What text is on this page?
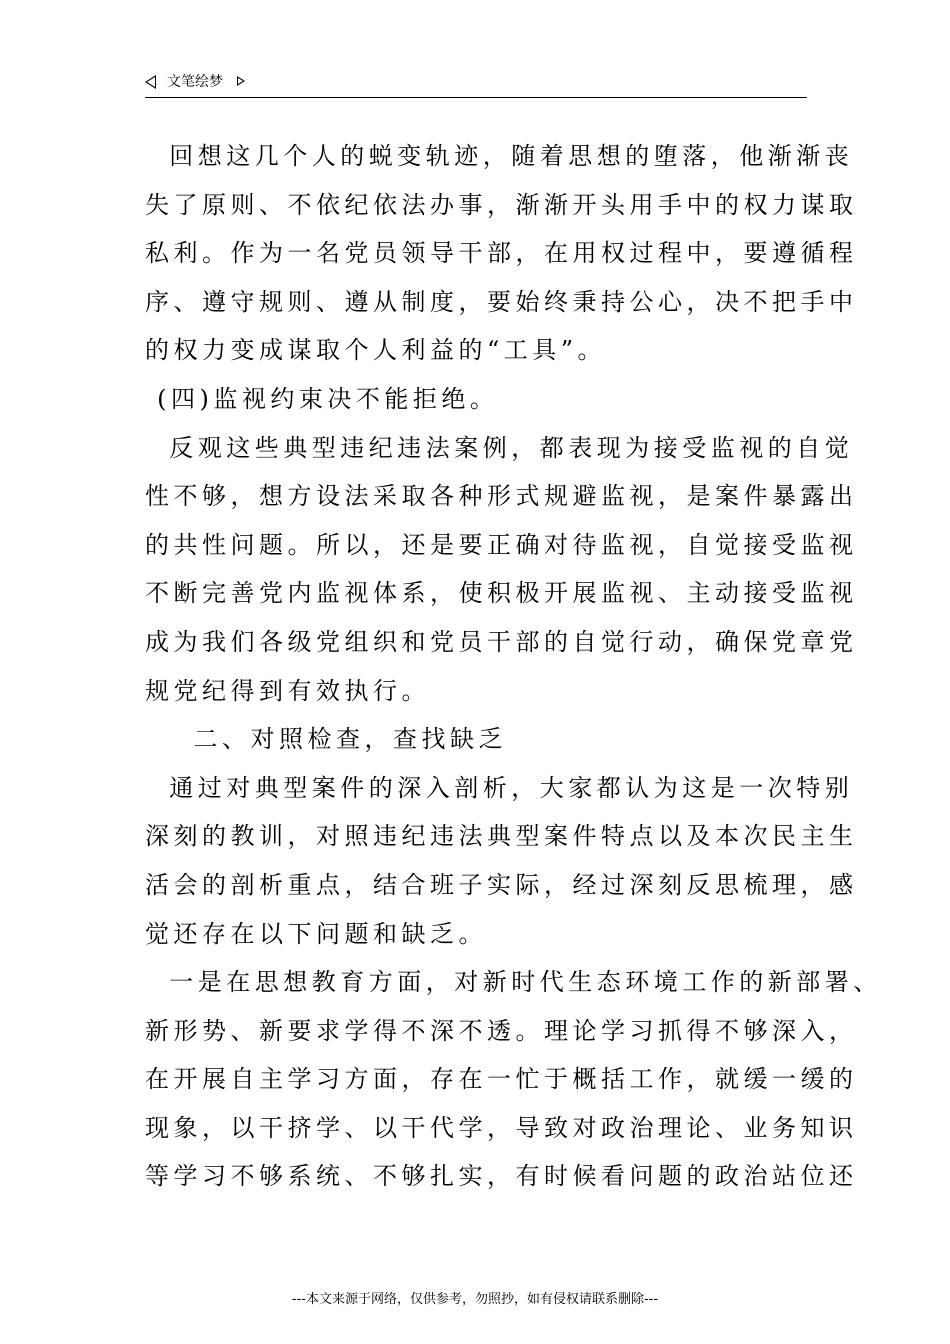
文笔绘梦
回想这几个人的蜕变轨迹，随着思想的堕落，他渐渐丧
失了原则、不依纪依法办事，渐渐开头用手中的权力谋取
私利。作为一名党员领导干部，在用权过程中，要遵循程
序、遵守规则、遵从制度，要始终秉持公心，决不把手中
的权力变成谋取个人利益的“工具”。
(四)监视约束决不能拒绝。
反观这些典型违纪违法案例，都表现为接受监视的自觉
性不够，想方设法采取各种形式规避监视，是案件暴露出
的共性问题。所以，还是要正确对待监视，自觉接受监视
不断完善党内监视体系，使积极开展监视、主动接受监视
成为我们各级党组织和党员干部的自觉行动，确保党章党
规党纪得到有效执行。
二、对照检查，查找缺乏
通过对典型案件的深入剖析，大家都认为这是一次特别
深刻的教训，对照违纪违法典型案件特点以及本次民主生
活会的剖析重点，结合班子实际，经过深刻反思梳理，感
觉还存在以下问题和缺乏。
一是在思想教育方面，对新时代生态环境工作的新部署、
新形势、新要求学得不深不透。理论学习抓得不够深入，
在开展自主学习方面，存在一忙于概括工作，就缓一缓的
现象，以干挤学、以干代学，导致对政治理论、业务知识
等学习不够系统、不够扎实，有时候看问题的政治站位还
---本文来源于网络，仅供参考，勿照抄，如有侵权请联系删除---
